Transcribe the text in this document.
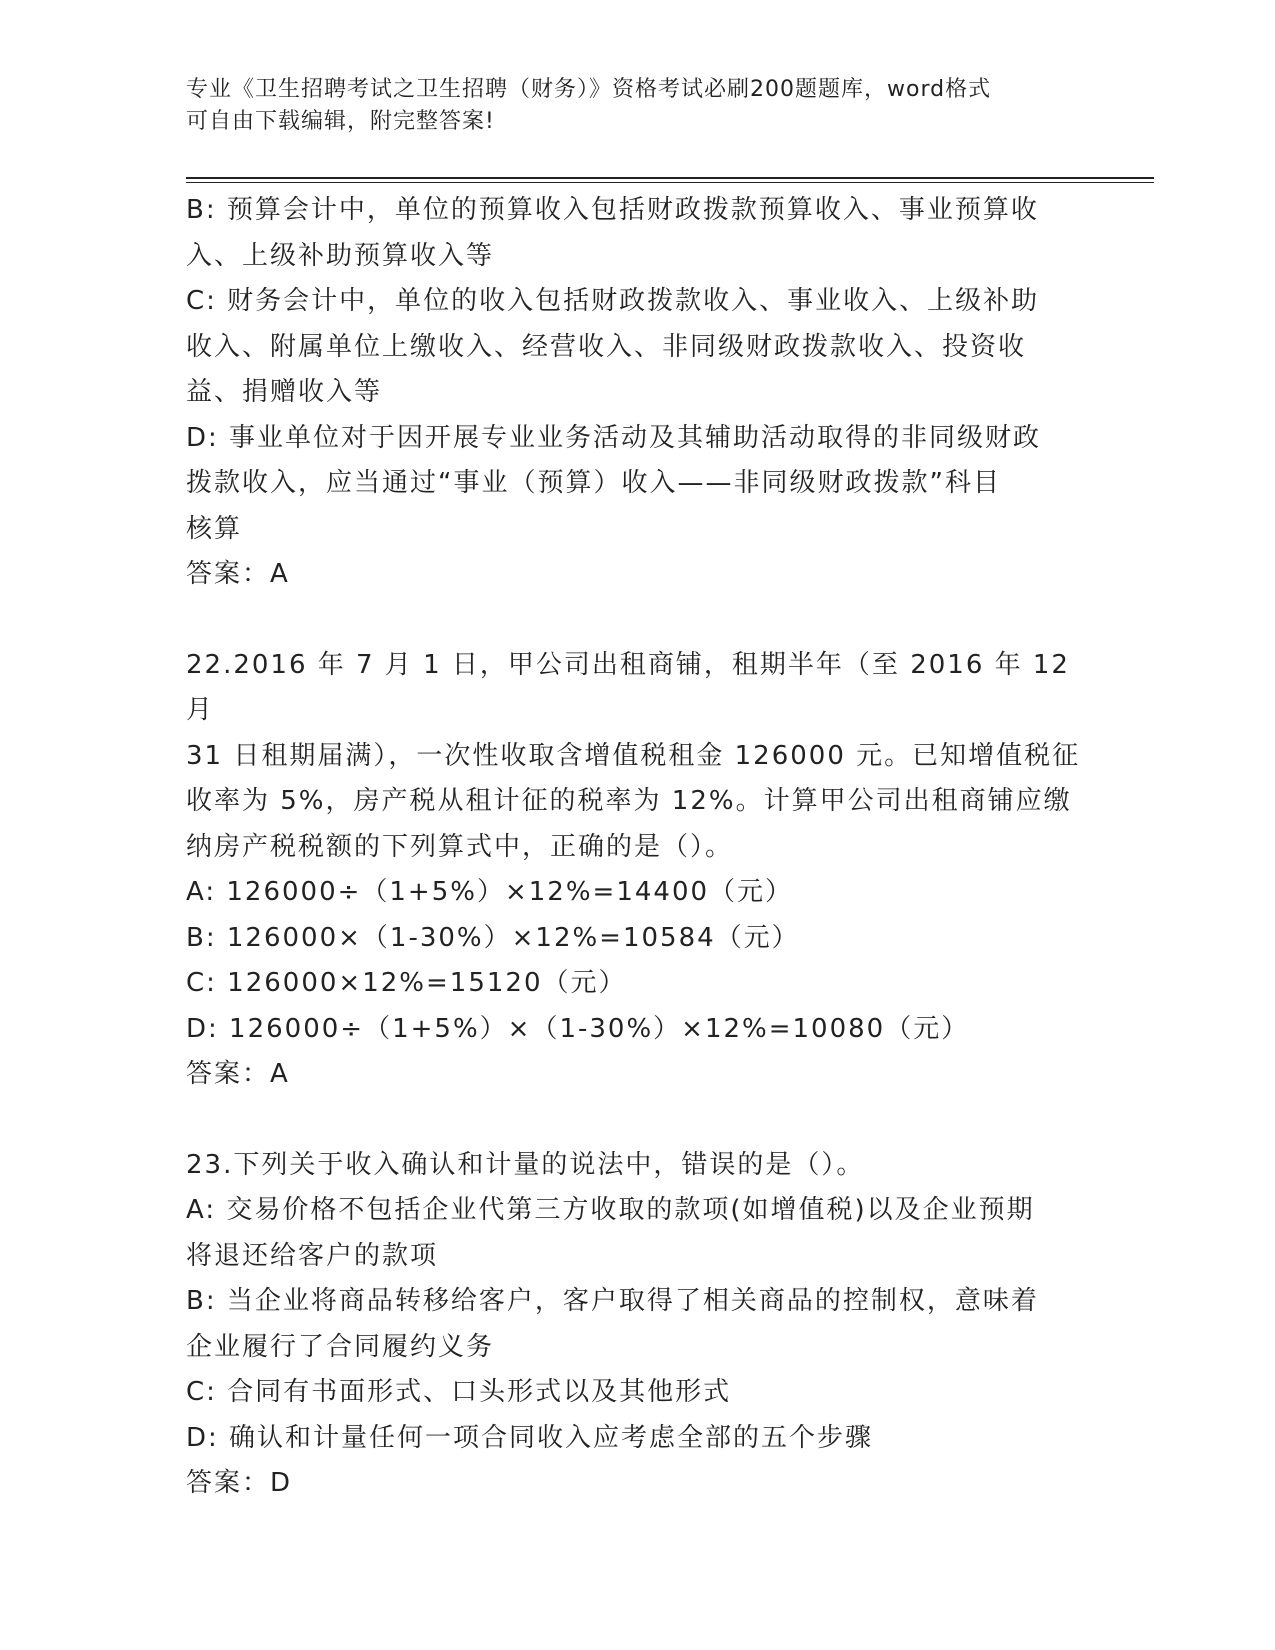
专业《卫生招聘考试之卫生招聘（财务）》资格考试必刷200题题库，word格式
可自由下载编辑，附完整答案!

B: 预算会计中，单位的预算收入包括财政拨款预算收入、事业预算收

入、上级补助预算收入等

C: 财务会计中，单位的收入包括财政拨款收入、事业收入、上级补助

收入、附属单位上缴收入、经营收入、非同级财政拨款收入、投资收

益、捐赠收入等

D: 事业单位对于因开展专业业务活动及其辅助活动取得的非同级财政

拨款收入，应当通过“事业（预算）收入——非同级财政拨款”科目

核算

答案：A

22.2016 年 7 月 1 日，甲公司出租商铺，租期半年（至 2016 年 12 月

31 日租期届满），一次性收取含增值税租金 126000 元。已知增值税征

收率为 5%，房产税从租计征的税率为 12%。计算甲公司出租商铺应缴

纳房产税税额的下列算式中，正确的是（）。

A: 126000÷（1+5%）×12%=14400（元）

B: 126000×（1-30%）×12%=10584（元）

C: 126000×12%=15120（元）

D: 126000÷（1+5%）×（1-30%）×12%=10080（元）

答案：A

23.下列关于收入确认和计量的说法中，错误的是（）。

A: 交易价格不包括企业代第三方收取的款项(如增值税)以及企业预期

将退还给客户的款项

B: 当企业将商品转移给客户，客户取得了相关商品的控制权，意味着

企业履行了合同履约义务

C: 合同有书面形式、口头形式以及其他形式

D: 确认和计量任何一项合同收入应考虑全部的五个步骤

答案：D
